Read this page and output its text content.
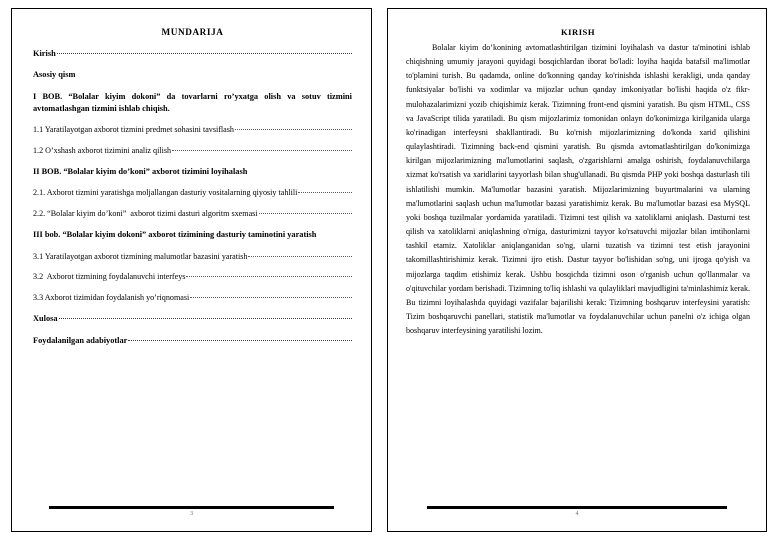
MUNDARIJA
Kirish
Asosiy qism
I BOB. “Bolalar kiyim dokoni” da tovarlarni ro’yxatga olish va sotuv tizmini avtomatlashgan tizmini ishlab chiqish.
1.1 Yaratilayotgan axborot tizmini predmet sohasini tavsiflash
1.2 O’xshash axborot tizimini analiz qilish
II BOB. “Bolalar kiyim do’koni” axborot tizimini loyihalash
2.1. Axborot tizmini yaratishga moljallangan dasturiy vositalarning qiyosiy tahlili
2.2. “Bolalar kiyim do’koni”  axborot tizimi dasturi algoritm sxemasi
III bob. “Bolalar kiyim dokoni” axborot tizimining dasturiy taminotini yaratish
3.1 Yaratilayotgan axborot tizmining malumotlar bazasini yaratish
3.2  Axborot tizmining foydalanuvchi interfeys
3.3 Axborot tizimidan foydalanish yo’riqnomasi
Xulosa
Foydalanilgan adabiyotlar
3
KIRISH

Bolalar kiyim do’konining avtomatlashtirilgan tizimini loyihalash va dastur ta'minotini ishlab chiqishning umumiy jarayoni quyidagi bosqichlardan iborat bo'ladi: loyiha haqida batafsil ma'limotlar to'plamini turish. Bu qadamda, online do'konning qanday ko'rinishda ishlashi kerakligi, unda qanday funktsiyalar bo'lishi va xodimlar va mijozlar uchun qanday imkoniyatlar bo'lishi haqida o'z fikr-mulohazalarimizni yozib chiqishimiz kerak. Tizimning front-end qismini yaratish. Bu qism HTML, CSS va JavaScript tilida yaratiladi. Bu qism mijozlarimiz tomonidan onlayn do'konimizga kirilganida ularga ko'rinadigan interfeysni shakllantiradi. Bu ko'rnish mijozlarimizning do'konda xarid qilishini qulaylashtiradi. Tizimning back-end qismini yaratish. Bu qismda avtomatlashtirilgan do'konimizga kirilgan mijozlarimizning ma'lumotlarini saqlash, o'zgarishlarni amalga oshirish, foydalanuvchilarga xizmat ko'rsatish va xaridlarini tayyorlash bilan shug'ullanadi. Bu qismda PHP yoki boshqa dasturlash tili ishlatilishi mumkin. Ma'lumotlar bazasini yaratish. Mijozlarimizning buyurtmalarini va ularning ma'lumotlarini saqlash uchun ma'lumotlar bazasi yaratishimiz kerak. Bu ma'lumotlar bazasi esa MySQL yoki boshqa tuzilmalar yordamida yaratiladi. Tizimni test qilish va xatoliklarni aniqlash. Dasturni test qilish va xatoliklarni aniqlashning o'rniga, dasturimizni tayyor ko'rsatuvchi mijozlar bilan imtihonlarni tashkil etamiz. Xatoliklar aniqlanganidan so'ng, ularni tuzatish va tizimni test etish jarayonini takomillashtirishimiz kerak. Tizimni ijro etish. Dastur tayyor bo'lishidan so'ng, uni ijroga qo'yish va mijozlarga taqdim etishimiz kerak. Ushbu bosqichda tizimni oson o'rganish uchun qo'llanmalar va o'qituvchilar yordam berishadi. Tizimning to'liq ishlashi va qulayliklari mavjudligini ta'minlashimiz kerak. Bu tizimni loyihalashda quyidagi vazifalar bajarilishi kerak: Tizimning boshqaruv interfeysini yaratish: Tizim boshqaruvchi panellari, statistik ma'lumotlar va foydalanuvchilar uchun panelni o'z ichiga olgan boshqaruv interfeysining yaratilishi lozim.

4
